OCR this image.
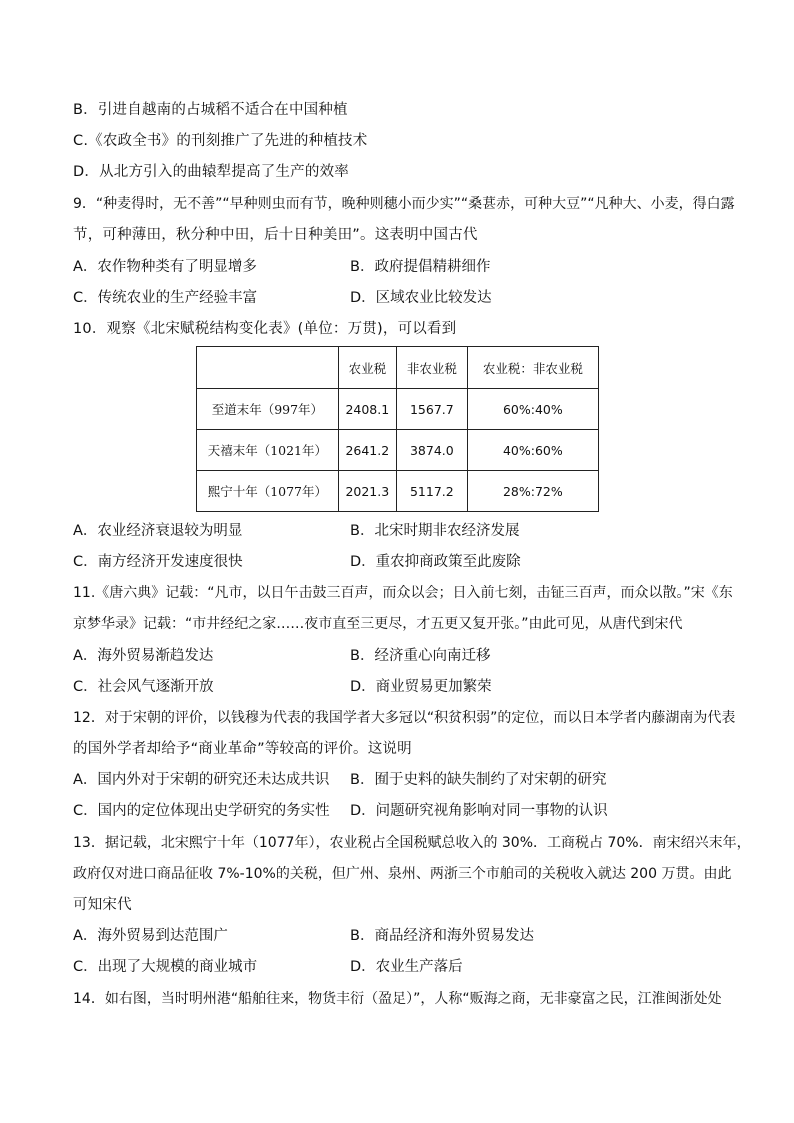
B．引进自越南的占城稻不适合在中国种植
C.《农政全书》的刊刻推广了先进的种植技术
D．从北方引入的曲辕犁提高了生产的效率
9．“种麦得时，无不善”“早种则虫而有节，晚种则穗小而少实”“桑葚赤，可种大豆”“凡种大、小麦，得白露
节，可种薄田，秋分种中田，后十日种美田”。这表明中国古代
A．农作物种类有了明显增多	B．政府提倡精耕细作
C．传统农业的生产经验丰富	D．区域农业比较发达
10．观察《北宋赋税结构变化表》(单位：万贯)，可以看到
	农业税	非农业税	农业税：非农业税
至道末年（997年）	2408.1	1567.7	60%:40%
天禧末年（1021年）	2641.2	3874.0	40%:60%
熙宁十年（1077年）	2021.3	5117.2	28%:72%
A．农业经济衰退较为明显	B．北宋时期非农经济发展
C．南方经济开发速度很快	D．重农抑商政策至此废除
11.《唐六典》记载：“凡市，以日午击鼓三百声，而众以会；日入前七刻，击钲三百声，而众以散。”宋《东
京梦华录》记载：“市井经纪之家……夜市直至三更尽，才五更又复开张。”由此可见，从唐代到宋代
A．海外贸易渐趋发达	B．经济重心向南迁移
C．社会风气逐渐开放	D．商业贸易更加繁荣
12．对于宋朝的评价，以钱穆为代表的我国学者大多冠以“积贫积弱”的定位，而以日本学者内藤湖南为代表
的国外学者却给予“商业革命”等较高的评价。这说明
A．国内外对于宋朝的研究还未达成共识 B．囿于史料的缺失制约了对宋朝的研究
C．国内的定位体现出史学研究的务实性 D．问题研究视角影响对同一事物的认识
13．据记载，北宋熙宁十年（1077年），农业税占全国税赋总收入的 30%．工商税占 70%．南宋绍兴末年，
政府仅对进口商品征收 7%-10%的关税，但广州、泉州、两浙三个市舶司的关税收入就达 200 万贯。由此
可知宋代
A．海外贸易到达范围广	B．商品经济和海外贸易发达
C．出现了大规模的商业城市	D．农业生产落后
14．如右图，当时明州港“船舶往来，物货丰衍（盈足）”，人称“贩海之商，无非豪富之民，江淮闽浙处处
